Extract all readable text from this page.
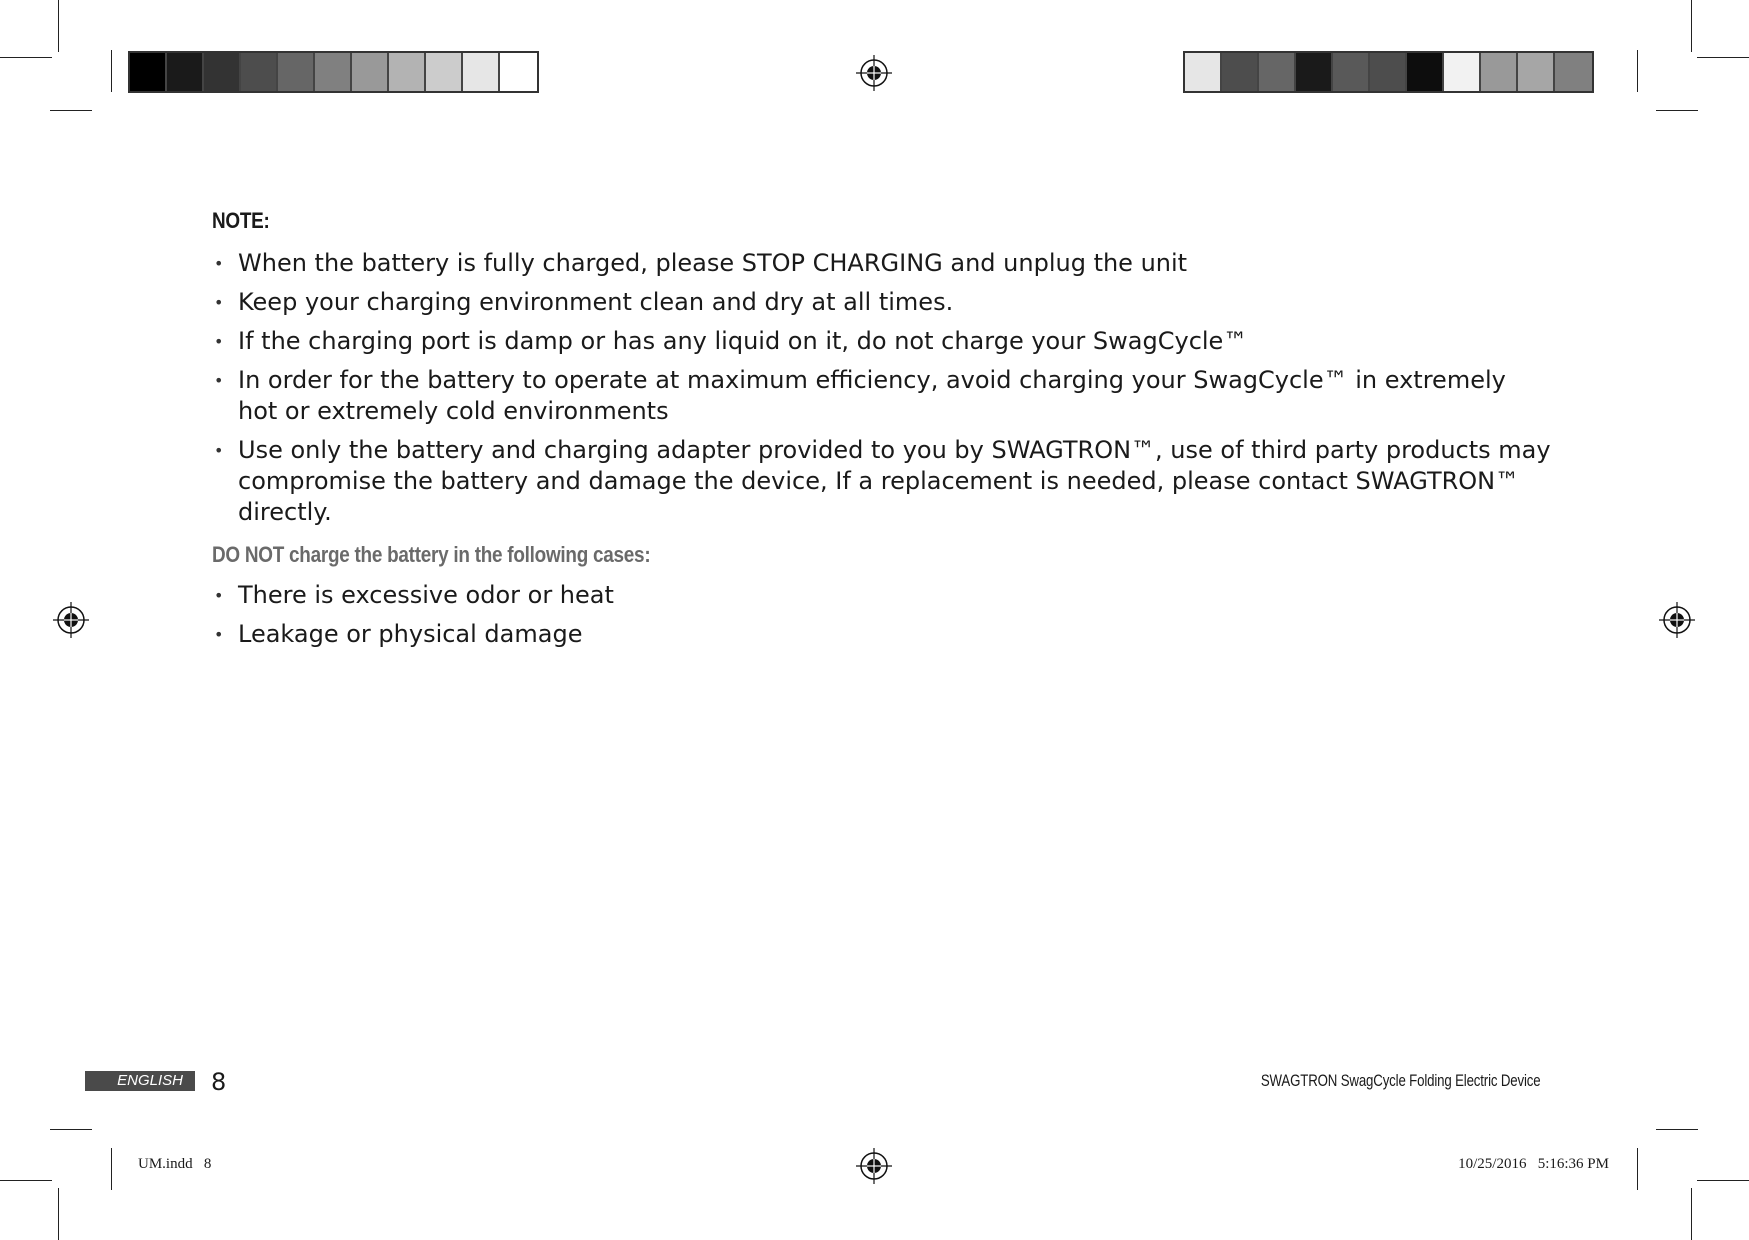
NOTE:
• When the battery is fully charged, please STOP CHARGING and unplug the unit
• Keep your charging environment clean and dry at all times.
• If the charging port is damp or has any liquid on it, do not charge your SwagCycle™
• In order for the battery to operate at maximum efficiency, avoid charging your SwagCycle™ in extremely hot or extremely cold environments
• Use only the battery and charging adapter provided to you by SWAGTRON™, use of third party products may compromise the battery and damage the device, If a replacement is needed, please contact SWAGTRON™ directly.
DO NOT charge the battery in the following cases:
• There is excessive odor or heat
• Leakage or physical damage
ENGLISH	8	SWAGTRON SwagCycle Folding Electric Device
UM.indd   8	10/25/2016   5:16:36 PM
